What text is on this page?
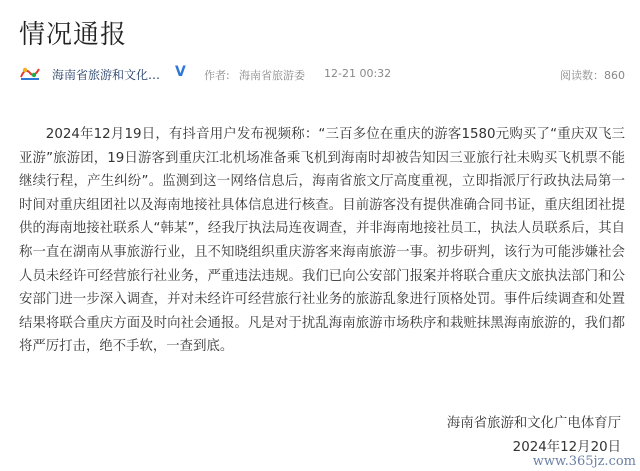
情况通报
海南省旅游和文化… V 作者: 海南省旅游委 12-21 00:32	阅读数：860

2024年12月19日，有抖音用户发布视频称：“三百多位在重庆的游客1580元购买了“重庆双飞三亚游”旅游团，19日游客到重庆江北机场准备乘飞机到海南时却被告知因三亚旅行社未购买飞机票不能继续行程，产生纠纷”。监测到这一网络信息后，海南省旅文厅高度重视，立即指派厅行政执法局第一时间对重庆组团社以及海南地接社具体信息进行核查。目前游客没有提供准确合同书证，重庆组团社提供的海南地接社联系人“韩某”，经我厅执法局连夜调查，并非海南地接社员工，执法人员联系后，其自称一直在湖南从事旅游行业，且不知晓组织重庆游客来海南旅游一事。初步研判，该行为可能涉嫌社会人员未经许可经营旅行社业务，严重违法违规。我们已向公安部门报案并将联合重庆文旅执法部门和公安部门进一步深入调查，并对未经许可经营旅行社业务的旅游乱象进行顶格处罚。事件后续调查和处置结果将联合重庆方面及时向社会通报。凡是对于扰乱海南旅游市场秩序和栽赃抹黑海南旅游的，我们都将严厉打击，绝不手软，一查到底。

海南省旅游和文化广电体育厅
2024年12月20日
www.365jz.com
